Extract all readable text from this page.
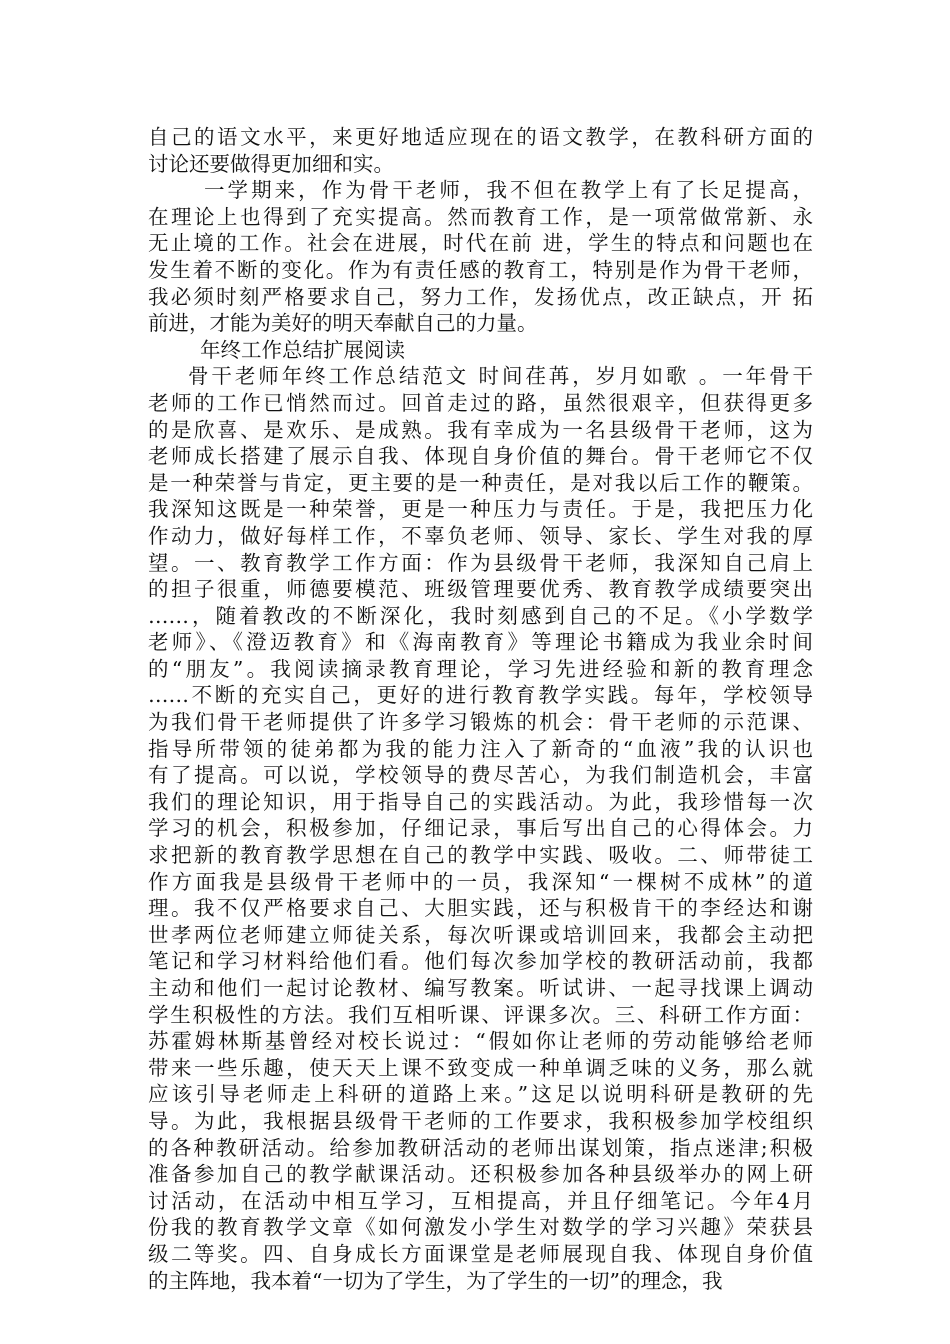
自己的语文水平，来更好地适应现在的语文教学，在教科研方面的
讨论还要做得更加细和实。
一学期来，作为骨干老师，我不但在教学上有了长足提高，
在理论上也得到了充实提高。然而教育工作，是一项常做常新、永
无止境的工作。社会在进展，时代在前 进，学生的特点和问题也在
发生着不断的变化。作为有责任感的教育工，特别是作为骨干老师，
我必须时刻严格要求自己，努力工作，发扬优点，改正缺点，开 拓
前进，才能为美好的明天奉献自己的力量。
年终工作总结扩展阅读
骨干老师年终工作总结范文 时间荏苒，岁月如歌 。一年骨干
老师的工作已悄然而过。回首走过的路，虽然很艰辛，但获得更多
的是欣喜、是欢乐、是成熟。我有幸成为一名县级骨干老师，这为
老师成长搭建了展示自我、体现自身价值的舞台。骨干老师它不仅
是一种荣誉与肯定，更主要的是一种责任，是对我以后工作的鞭策。
我深知这既是一种荣誉，更是一种压力与责任。于是，我把压力化
作动力，做好每样工作，不辜负老师、领导、家长、学生对我的厚
望。一、教育教学工作方面：作为县级骨干老师，我深知自己肩上
的担子很重，师德要模范、班级管理要优秀、教育教学成绩要突出
……，随着教改的不断深化，我时刻感到自己的不足。《小学数学
老师》、《澄迈教育》和《海南教育》等理论书籍成为我业余时间
的“朋友”。我阅读摘录教育理论，学习先进经验和新的教育理念
……不断的充实自己，更好的进行教育教学实践。每年，学校领导
为我们骨干老师提供了许多学习锻炼的机会：骨干老师的示范课、
指导所带领的徒弟都为我的能力注入了新奇的“血液”我的认识也
有了提高。可以说，学校领导的费尽苦心，为我们制造机会，丰富
我们的理论知识，用于指导自己的实践活动。为此，我珍惜每一次
学习的机会，积极参加，仔细记录，事后写出自己的心得体会。力
求把新的教育教学思想在自己的教学中实践、吸收。二、师带徒工
作方面我是县级骨干老师中的一员，我深知“一棵树不成林”的道
理。我不仅严格要求自己、大胆实践，还与积极肯干的李经达和谢
世孝两位老师建立师徒关系，每次听课或培训回来，我都会主动把
笔记和学习材料给他们看。他们每次参加学校的教研活动前，我都
主动和他们一起讨论教材、编写教案。听试讲、一起寻找课上调动
学生积极性的方法。我们互相听课、评课多次。三、科研工作方面：
苏霍姆林斯基曾经对校长说过：“假如你让老师的劳动能够给老师
带来一些乐趣，使天天上课不致变成一种单调乏味的义务，那么就
应该引导老师走上科研的道路上来。”这足以说明科研是教研的先
导。为此，我根据县级骨干老师的工作要求，我积极参加学校组织
的各种教研活动。给参加教研活动的老师出谋划策，指点迷津;积极
准备参加自己的教学献课活动。还积极参加各种县级举办的网上研
讨活动，在活动中相互学习，互相提高，并且仔细笔记。今年4月
份我的教育教学文章《如何激发小学生对数学的学习兴趣》荣获县
级二等奖。四、自身成长方面课堂是老师展现自我、体现自身价值
的主阵地，我本着“一切为了学生，为了学生的一切”的理念，我
